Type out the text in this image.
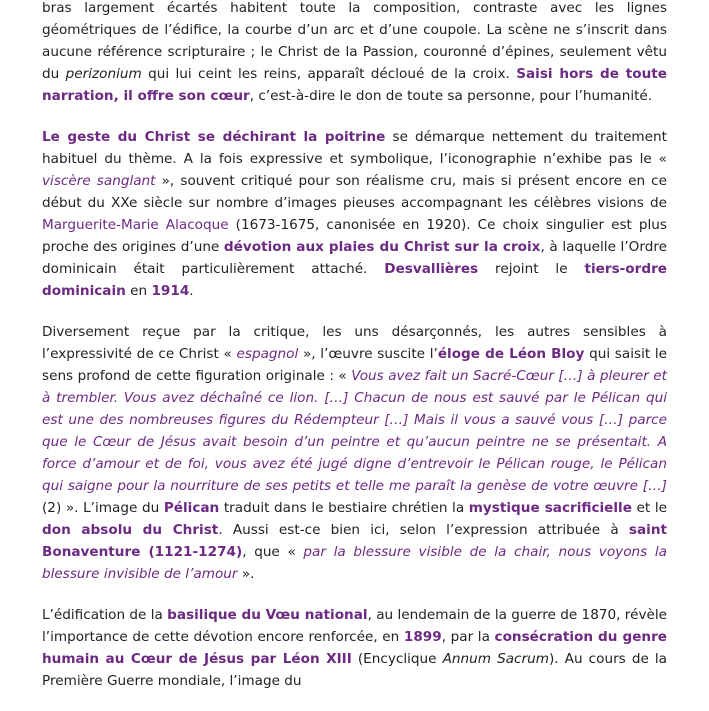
bras largement écartés habitent toute la composition, contraste avec les lignes géométriques de l’édifice, la courbe d’un arc et d’une coupole. La scène ne s’inscrit dans aucune référence scripturaire ; le Christ de la Passion, couronné d’épines, seulement vêtu du perizonium qui lui ceint les reins, apparaît décloué de la croix. Saisi hors de toute narration, il offre son cœur, c’est-à-dire le don de toute sa personne, pour l’humanité.

Le geste du Christ se déchirant la poitrine se démarque nettement du traitement habituel du thème. A la fois expressive et symbolique, l’iconographie n’exhibe pas le « viscère sanglant », souvent critiqué pour son réalisme cru, mais si présent encore en ce début du XXe siècle sur nombre d’images pieuses accompagnant les célèbres visions de Marguerite-Marie Alacoque (1673-1675, canonisée en 1920). Ce choix singulier est plus proche des origines d’une dévotion aux plaies du Christ sur la croix, à laquelle l’Ordre dominicain était particulièrement attaché. Desvallières rejoint le tiers-ordre dominicain en 1914.

Diversement reçue par la critique, les uns désarçonnés, les autres sensibles à l’expressivité de ce Christ « espagnol », l’œuvre suscite l’éloge de Léon Bloy qui saisit le sens profond de cette figuration originale : « Vous avez fait un Sacré-Cœur […] à pleurer et à trembler. Vous avez déchaîné ce lion. […] Chacun de nous est sauvé par le Pélican qui est une des nombreuses figures du Rédempteur […] Mais il vous a sauvé vous […] parce que le Cœur de Jésus avait besoin d’un peintre et qu’aucun peintre ne se présentait. A force d’amour et de foi, vous avez été jugé digne d’entrevoir le Pélican rouge, le Pélican qui saigne pour la nourriture de ses petits et telle me paraît la genèse de votre œuvre […] (2) ». L’image du Pélican traduit dans le bestiaire chrétien la mystique sacrificielle et le don absolu du Christ. Aussi est-ce bien ici, selon l’expression attribuée à saint Bonaventure (1121-1274), que « par la blessure visible de la chair, nous voyons la blessure invisible de l’amour ».

L’édification de la basilique du Vœu national, au lendemain de la guerre de 1870, révèle l’importance de cette dévotion encore renforcée, en 1899, par la consécration du genre humain au Cœur de Jésus par Léon XIII (Encyclique Annum Sacrum). Au cours de la Première Guerre mondiale, l’image du
